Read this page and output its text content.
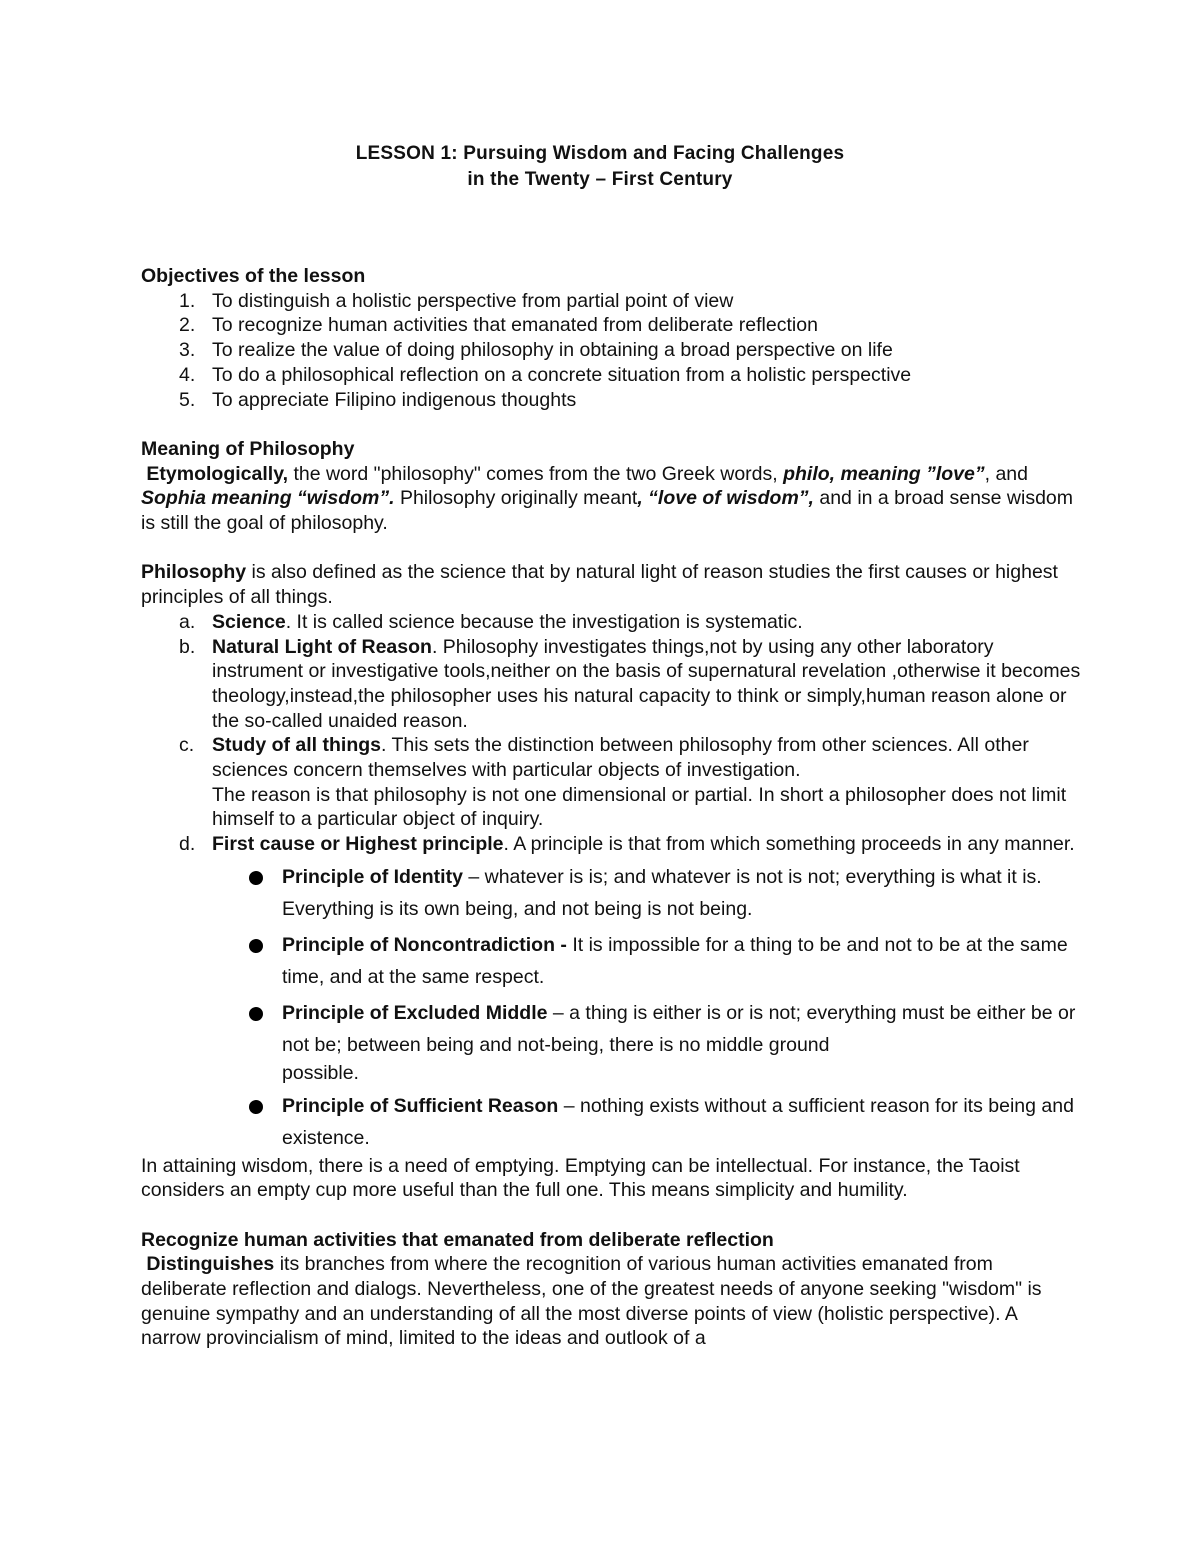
LESSON 1: Pursuing Wisdom and Facing Challenges
in the Twenty – First Century
Objectives of the lesson
1. To distinguish a holistic perspective from partial point of view
2. To recognize human activities that emanated from deliberate reflection
3. To realize the value of doing philosophy in obtaining a broad perspective on life
4. To do a philosophical reflection on a concrete situation from a holistic perspective
5. To appreciate Filipino indigenous thoughts
Meaning of Philosophy
Etymologically, the word "philosophy" comes from the two Greek words, philo, meaning ”love”, and Sophia meaning “wisdom”. Philosophy originally meant, “love of wisdom”, and in a broad sense wisdom is still the goal of philosophy.
Philosophy is also defined as the science that by natural light of reason studies the first causes or highest principles of all things.
a. Science. It is called science because the investigation is systematic.
b. Natural Light of Reason. Philosophy investigates things,not by using any other laboratory instrument or investigative tools,neither on the basis of supernatural revelation ,otherwise it becomes theology,instead,the philosopher uses his natural capacity to think or simply,human reason alone or the so-called unaided reason.
c. Study of all things. This sets the distinction between philosophy from other sciences. All other sciences concern themselves with particular objects of investigation.
The reason is that philosophy is not one dimensional or partial. In short a philosopher does not limit himself to a particular object of inquiry.
d. First cause or Highest principle. A principle is that from which something proceeds in any manner.
Principle of Identity – whatever is is; and whatever is not is not; everything is what it is. Everything is its own being, and not being is not being.
Principle of Noncontradiction - It is impossible for a thing to be and not to be at the same time, and at the same respect.
Principle of Excluded Middle – a thing is either is or is not; everything must be either be or not be; between being and not-being, there is no middle ground
possible.
Principle of Sufficient Reason – nothing exists without a sufficient reason for its being and existence.
In attaining wisdom, there is a need of emptying. Emptying can be intellectual. For instance, the Taoist considers an empty cup more useful than the full one. This means simplicity and humility.
Recognize human activities that emanated from deliberate reflection
Distinguishes its branches from where the recognition of various human activities emanated from deliberate reflection and dialogs. Nevertheless, one of the greatest needs of anyone seeking "wisdom" is genuine sympathy and an understanding of all the most diverse points of view (holistic perspective). A narrow provincialism of mind, limited to the ideas and outlook of a
